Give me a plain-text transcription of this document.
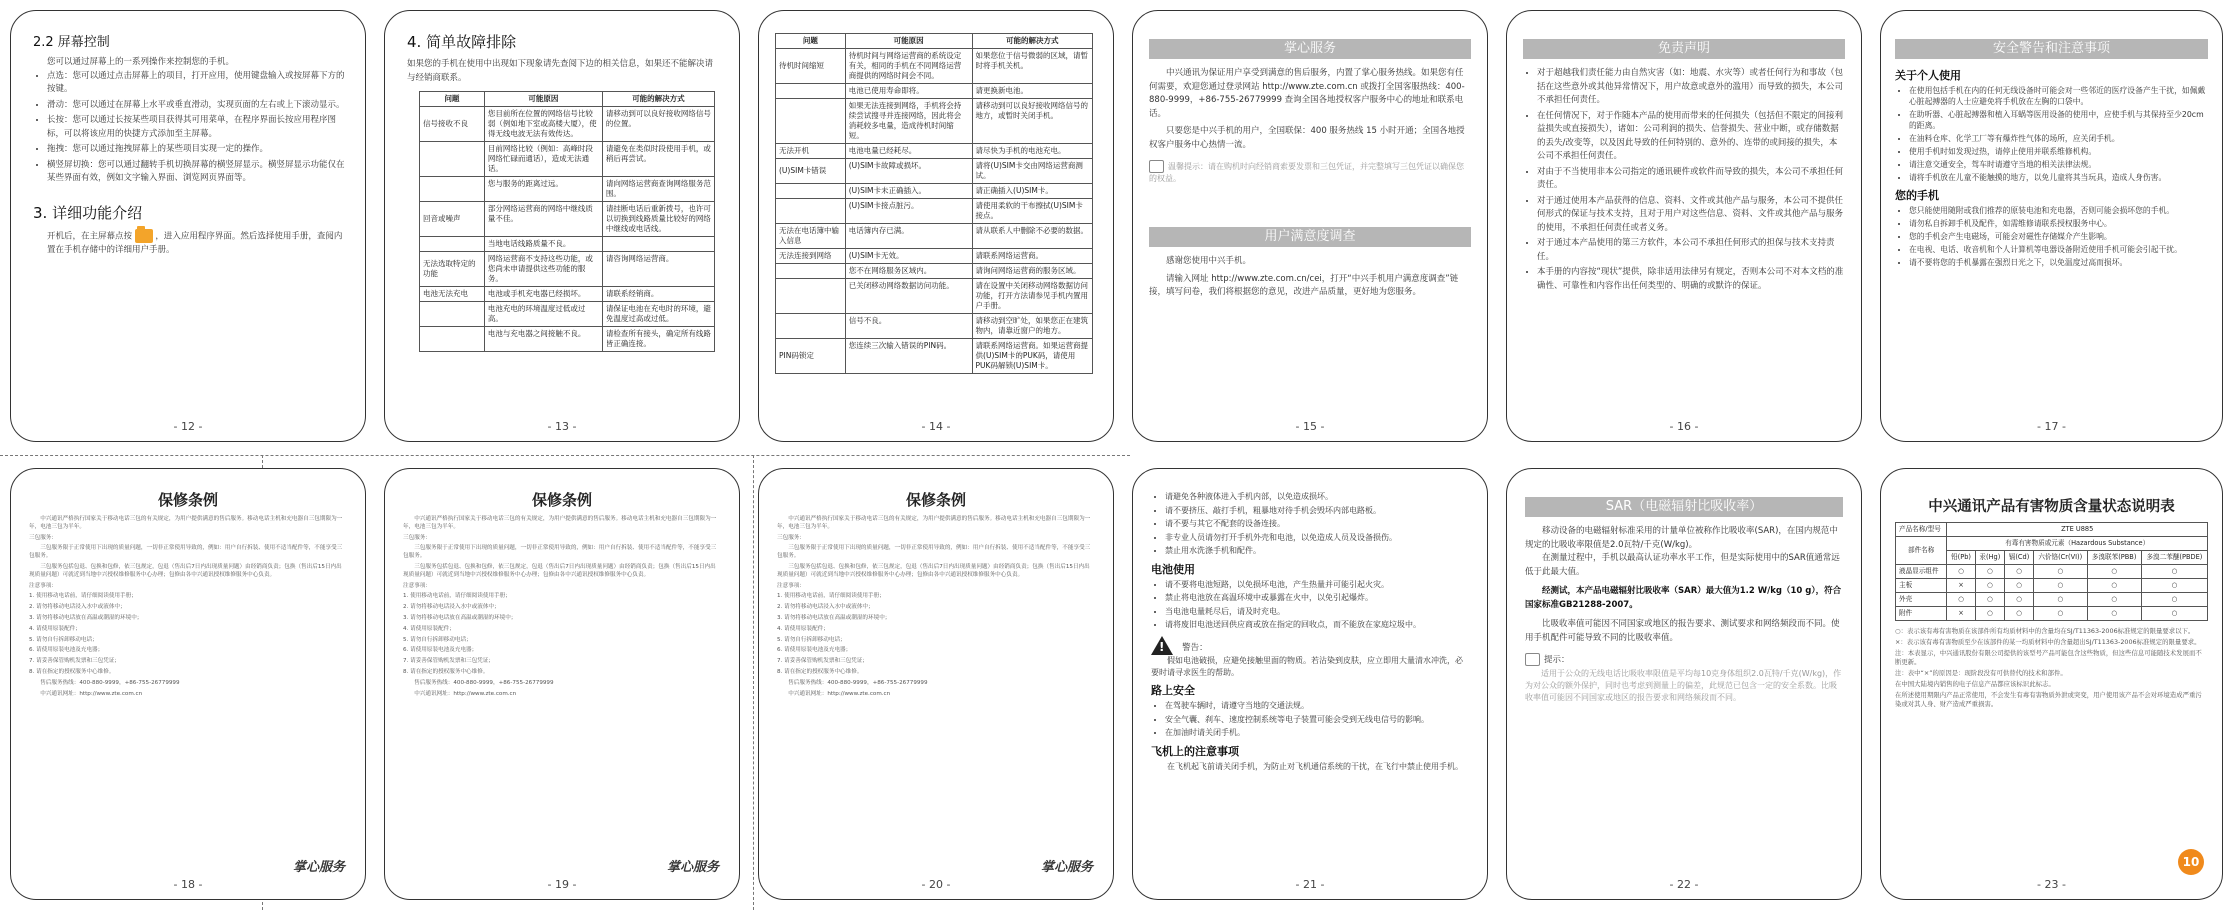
2.2 屏幕控制
您可以通过屏幕上的一系列操作来控制您的手机。
• 点选：您可以通过点击屏幕上的项目，打开应用，使用键盘输入或按屏幕下方的按键。
• 滑动：您可以通过在屏幕上水平或垂直滑动，实现页面的左右或上下滚动显示。
• 长按：您可以通过长按某些项目获得其可用菜单，在程序界面长按应用程序图标，可以将该应用的快捷方式添加至主屏幕。
• 拖拽：您可以通过拖拽屏幕上的某些项目实现一定的操作。
• 横竖屏切换：您可以通过翻转手机切换屏幕的横竖屏显示。横竖屏显示功能仅在某些界面有效，例如文字输入界面、浏览网页界面等。
3. 详细功能介绍
开机后，在主屏幕点按	，进入应用程序界面。然后选择使用手册，查阅内置在手机存储中的详细用户手册。
- 12 -
4. 简单故障排除
如果您的手机在使用中出现如下现象请先查阅下边的相关信息，如果还不能解决请与经销商联系。
问题	可能原因	可能的解决方式
信号接收不良	您目前所在位置的网络信号比较弱（例如地下室或高楼大厦），使得无线电波无法有效传达。	请移动到可以良好接收网络信号的位置。
	目前网络比较（例如：高峰时段网络忙碌而通话），造成无法通话。	请避免在类似时段使用手机，或稍后再尝试。
	您与服务的距离过远。	请向网络运营商查询网络服务范围。
回音或噪声	部分网络运营商的网络中继线质量不佳。	请挂断电话后重新拨号，也许可以切换到线路质量比较好的网络中继线或电话线。
	当地电话线路质量不良。	
无法选取特定的功能	网络运营商不支持这些功能，或您尚未申请提供这些功能的服务。	请咨询网络运营商。
电池无法充电	电池或手机充电器已经损坏。	请联系经销商。
	电池充电的环境温度过低或过高。	请保证电池在充电时的环境，避免温度过高或过低。
	电池与充电器之间接触不良。	请检查所有接头，确定所有线路皆正确连接。
- 13 -
问题	可能原因	可能的解决方式
待机时间缩短	待机时间与网络运营商的系统设定有关，相同的手机在不同网络运营商提供的网络时间会不同。	如果您位于信号微弱的区域，请暂时将手机关机。
	电池已使用寿命即将。	请更换新电池。
	如果无法连接到网络，手机将会持续尝试搜寻并连接网络，因此将会消耗较多电量，造成待机时间缩短。	请移动到可以良好接收网络信号的地方，或暂时关闭手机。
无法开机	电池电量已经耗尽。	请尽快为手机的电池充电。
(U)SIM卡错误	(U)SIM卡故障或损坏。	请将(U)SIM卡交由网络运营商测试。
	(U)SIM卡未正确插入。	请正确插入(U)SIM卡。
	(U)SIM卡接点脏污。	请使用柔软的干布擦拭(U)SIM卡接点。
无法在电话簿中输入信息	电话簿内存已满。	请从联系人中删除不必要的数据。
无法连接到网络	(U)SIM卡无效。	请联系网络运营商。
	您不在网络服务区域内。	请询问网络运营商的服务区域。
	已关闭移动网络数据访问功能。	请在设置中关闭移动网络数据访问功能，打开方法请参见手机内置用户手册。
	信号不良。	请移动到空旷处，如果您正在建筑物内，请靠近窗户的地方。
PIN码锁定	您连续三次输入错误的PIN码。	请联系网络运营商。如果运营商提供(U)SIM卡的PUK码，请使用PUK码解锁(U)SIM卡。
- 14 -
掌心服务
中兴通讯为保证用户享受到满意的售后服务，内置了掌心服务热线。如果您有任何需要，欢迎您通过登录网站 http://www.zte.com.cn 或拨打全国客服热线：400-880-9999，+86-755-26779999 查询全国各地授权客户服务中心的地址和联系电话。
只要您是中兴手机的用户，全国联保：400 服务热线 15 小时开通；全国各地授权客户服务中心热情一流。
温馨提示：请在购机时向经销商索要发票和三包凭证，并完整填写三包凭证以确保您的权益。
用户满意度调查
感谢您使用中兴手机。
请输入网址 http://www.zte.com.cn/cei，打开“中兴手机用户满意度调查”链接，填写问卷，我们将根据您的意见，改进产品质量，更好地为您服务。
- 15 -
免责声明
• 对于超越我们责任能力由自然灾害（如：地震、水灾等）或者任何行为和事故（包括在这些意外或其他异常情况下，用户故意或意外的滥用）而导致的损失，本公司不承担任何责任。
• 在任何情况下，对于作随本产品的使用而带来的任何损失（包括但不限定的间接利益损失或直接损失），诸如：公司利润的损失、信誉损失、营业中断，或存储数据的丢失/改变等，以及因此导致的任何特别的、意外的、连带的或间接的损失，本公司不承担任何责任。
• 对由于不当使用非本公司指定的通讯硬件或软件而导致的损失，本公司不承担任何责任。
• 对于通过使用本产品获得的信息、资料、文件或其他产品与服务，本公司不提供任何形式的保证与技术支持，且对于用户对这些信息、资料、文件或其他产品与服务的使用，不承担任何责任或者义务。
• 对于通过本产品使用的第三方软件，本公司不承担任何形式的担保与技术支持责任。
• 本手册的内容按“现状”提供，除非适用法律另有规定，否则本公司不对本文档的准确性、可靠性和内容作出任何类型的、明确的或默许的保证。
- 16 -
安全警告和注意事项
关于个人使用
• 在使用包括手机在内的任何无线设备时可能会对一些邻近的医疗设备产生干扰，如佩戴心脏起搏器的人士应避免将手机放在左胸的口袋中。
• 在助听器、心脏起搏器和植入耳蜗等医用设备的使用中，应使手机与其保持至少20cm的距离。
• 在油料仓库、化学工厂等有爆炸性气体的场所，应关闭手机。
• 使用手机时如发现过热，请停止使用并联系维修机构。
• 请注意交通安全，驾车时请遵守当地的相关法律法规。
• 请将手机放在儿童不能触摸的地方，以免儿童将其当玩具，造成人身伤害。
您的手机
• 您只能使用随附或我们推荐的原装电池和充电器，否则可能会损坏您的手机。
• 请勿私自拆卸手机及配件，如需维修请联系授权服务中心。
• 您的手机会产生电磁场，可能会对磁性存储媒介产生影响。
• 在电视、电话、收音机和个人计算机等电器设备附近使用手机可能会引起干扰。
• 请不要将您的手机暴露在强烈日光之下，以免温度过高而损坏。
- 17 -
保修条例
中兴通讯严格执行国家关于移动电话三包的有关规定，为用户提供满意的售后服务。移动电话主机和充电器自三包期限为一年，电池三包为半年。
三包服务：
三包服务限于正常使用下出现的质量问题，一切非正常使用导致的，例如：用户自行拆装、使用不适当配件等，不能享受三包服务。
三包服务包括包退、包换和包修，依三包规定，包退（售出后7日内出现质量问题）由经销商负责；包换（售出后15日内出现质量问题）可就近到当地中兴授权维修服务中心办理；包修由各中兴通讯授权维修服务中心负责。
注意事项：
1. 使用移动电话前，请仔细阅读使用手册；
2. 请勿将移动电话浸入水中或液体中；
3. 请勿将移动电话放在高温或潮湿的环境中；
4. 请使用原装配件；
5. 请勿自行拆卸移动电话；
6. 请使用原装电池及充电器；
7. 请妥善保管购机发票和三包凭证；
8. 请在指定的授权服务中心维修。
售后服务热线：400-880-9999，+86-755-26779999
中兴通讯网址：http://www.zte.com.cn
掌心服务
- 18 -
保修条例
中兴通讯严格执行国家关于移动电话三包的有关规定，为用户提供满意的售后服务。移动电话主机和充电器自三包期限为一年，电池三包为半年。
三包服务：
三包服务限于正常使用下出现的质量问题，一切非正常使用导致的，例如：用户自行拆装、使用不适当配件等，不能享受三包服务。
三包服务包括包退、包换和包修，依三包规定，包退（售出后7日内出现质量问题）由经销商负责；包换（售出后15日内出现质量问题）可就近到当地中兴授权维修服务中心办理；包修由各中兴通讯授权维修服务中心负责。
注意事项：
1. 使用移动电话前，请仔细阅读使用手册；
2. 请勿将移动电话浸入水中或液体中；
3. 请勿将移动电话放在高温或潮湿的环境中；
4. 请使用原装配件；
5. 请勿自行拆卸移动电话；
6. 请使用原装电池及充电器；
7. 请妥善保管购机发票和三包凭证；
8. 请在指定的授权服务中心维修。
售后服务热线：400-880-9999，+86-755-26779999
中兴通讯网址：http://www.zte.com.cn
掌心服务
- 19 -
保修条例
中兴通讯严格执行国家关于移动电话三包的有关规定，为用户提供满意的售后服务。移动电话主机和充电器自三包期限为一年，电池三包为半年。
三包服务：
三包服务限于正常使用下出现的质量问题，一切非正常使用导致的，例如：用户自行拆装、使用不适当配件等，不能享受三包服务。
三包服务包括包退、包换和包修，依三包规定，包退（售出后7日内出现质量问题）由经销商负责；包换（售出后15日内出现质量问题）可就近到当地中兴授权维修服务中心办理；包修由各中兴通讯授权维修服务中心负责。
注意事项：
1. 使用移动电话前，请仔细阅读使用手册；
2. 请勿将移动电话浸入水中或液体中；
3. 请勿将移动电话放在高温或潮湿的环境中；
4. 请使用原装配件；
5. 请勿自行拆卸移动电话；
6. 请使用原装电池及充电器；
7. 请妥善保管购机发票和三包凭证；
8. 请在指定的授权服务中心维修。
售后服务热线：400-880-9999，+86-755-26779999
中兴通讯网址：http://www.zte.com.cn
掌心服务
- 20 -
• 请避免各种液体进入手机内部，以免造成损坏。
• 请不要挤压、敲打手机，粗暴地对待手机会毁坏内部电路板。
• 请不要与其它不配套的设备连接。
• 非专业人员请勿打开手机外壳和电池，以免造成人员及设备损伤。
• 禁止用水洗涤手机和配件。
电池使用
• 请不要将电池短路，以免损坏电池，产生热量并可能引起火灾。
• 禁止将电池放在高温环境中或暴露在火中，以免引起爆炸。
• 当电池电量耗尽后，请及时充电。
• 请将废旧电池送回供应商或放在指定的回收点，而不能放在家庭垃圾中。
! 警告：
假如电池破损，应避免接触里面的物质。若沾染到皮肤，应立即用大量清水冲洗，必要时请寻求医生的帮助。
路上安全
• 在驾驶车辆时，请遵守当地的交通法规。
• 安全气囊、刹车、速度控制系统等电子装置可能会受到无线电信号的影响。
• 在加油时请关闭手机。
飞机上的注意事项
在飞机起飞前请关闭手机，为防止对飞机通信系统的干扰，在飞行中禁止使用手机。
- 21 -
SAR（电磁辐射比吸收率）
移动设备的电磁辐射标准采用的计量单位被称作比吸收率(SAR)，在国内规范中规定的比吸收率限值是2.0瓦特/千克(W/kg)。
在测量过程中，手机以最高认证功率水平工作，但是实际使用中的SAR值通常远低于此最大值。
经测试，本产品电磁辐射比吸收率（SAR）最大值为1.2 W/kg（10 g），符合国家标准GB21288-2007。
比吸收率值可能因不同国家或地区的报告要求、测试要求和网络频段而不同。使用手机配件可能导致不同的比吸收率值。
提示：
适用于公众的无线电话比吸收率限值是平均每10克身体组织2.0瓦特/千克(W/kg)，作为对公众的额外保护，同时也考虑到测量上的偏差，此规范已包含一定的安全系数。比吸收率值可能因不同国家或地区的报告要求和网络频段而不同。
- 22 -
中兴通讯产品有害物质含量状态说明表
产品名称/型号	ZTE U885					
部件名称	有毒有害物质或元素（Hazardous Substance）					
	铅(Pb)	汞(Hg)	镉(Cd)	六价铬(Cr(VI))	多溴联苯(PBB)	多溴二苯醚(PBDE)
液晶显示组件	○	○	○	○	○	○
主板	×	○	○	○	○	○
外壳	○	○	○	○	○	○
附件	×	○	○	○	○	○
○：表示该有毒有害物质在该部件所有均质材料中的含量均在SJ/T11363-2006标准规定的限量要求以下。
×：表示该有毒有害物质至少在该部件的某一均质材料中的含量超出SJ/T11363-2006标准规定的限量要求。
注：本表显示，中兴通讯股份有限公司提供的该型号产品可能包含这些物质，但这些信息可能随技术发展而不断更新。
注：表中“×”的原因是：现阶段没有可供替代的技术和部件。
在中国大陆境内销售的电子信息产品都应该标识此标志。
在所述使用期限内产品正常使用，不会发生有毒有害物质外泄或突变，用户使用该产品不会对环境造成严重污染或对其人身、财产造成严重损害。
10
- 23 -
